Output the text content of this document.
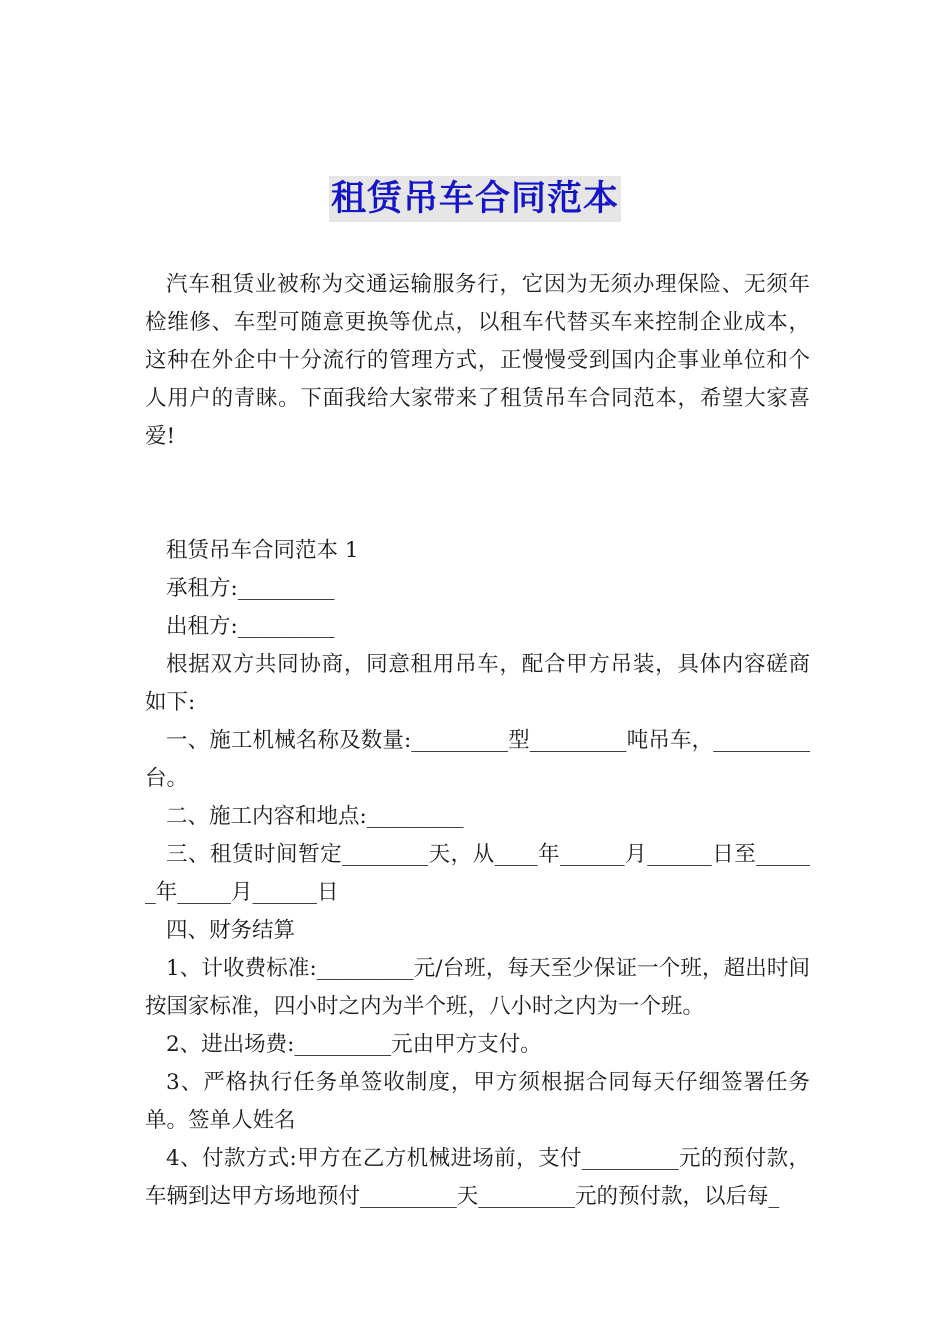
租赁吊车合同范本

汽车租赁业被称为交通运输服务行，它因为无须办理保险、无须年检维修、车型可随意更换等优点，以租车代替买车来控制企业成本，这种在外企中十分流行的管理方式，正慢慢受到国内企事业单位和个人用户的青睐。下面我给大家带来了租赁吊车合同范本，希望大家喜爱!

租赁吊车合同范本 1

承租方:_________

出租方:_________

根据双方共同协商，同意租用吊车，配合甲方吊装，具体内容磋商如下:

一、施工机械名称及数量:_________型_________吨吊车，_________台。

二、施工内容和地点:_________

三、租赁时间暂定________天，从____年______月______日至______年_____月______日

四、财务结算

1、计收费标准:_________元/台班，每天至少保证一个班，超出时间按国家标准，四小时之内为半个班，八小时之内为一个班。

2、进出场费:_________元由甲方支付。

3、严格执行任务单签收制度，甲方须根据合同每天仔细签署任务单。签单人姓名

4、付款方式:甲方在乙方机械进场前，支付_________元的预付款，车辆到达甲方场地预付_________天_________元的预付款，以后每_
